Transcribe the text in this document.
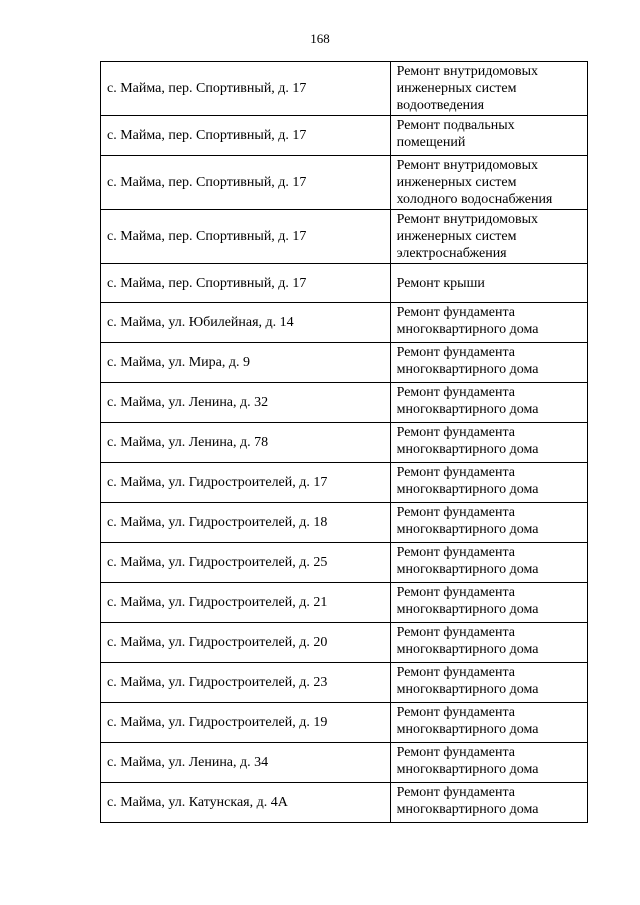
168
с. Майма, пер. Спортивный, д. 17	Ремонт внутридомовых
инженерных систем
водоотведения

с. Майма, пер. Спортивный, д. 17	Ремонт подвальных
помещений

с. Майма, пер. Спортивный, д. 17	Ремонт внутридомовых
инженерных систем
холодного водоснабжения

с. Майма, пер. Спортивный, д. 17	Ремонт внутридомовых
инженерных систем
электроснабжения

с. Майма, пер. Спортивный, д. 17	Ремонт крыши

с. Майма, ул. Юбилейная, д. 14	Ремонт фундамента
многоквартирного дома

с. Майма, ул. Мира, д. 9	Ремонт фундамента
многоквартирного дома

с. Майма, ул. Ленина, д. 32	Ремонт фундамента
многоквартирного дома

с. Майма, ул. Ленина, д. 78	Ремонт фундамента
многоквартирного дома

с. Майма, ул. Гидростроителей, д. 17	Ремонт фундамента
многоквартирного дома

с. Майма, ул. Гидростроителей, д. 18	Ремонт фундамента
многоквартирного дома

с. Майма, ул. Гидростроителей, д. 25	Ремонт фундамента
многоквартирного дома

с. Майма, ул. Гидростроителей, д. 21	Ремонт фундамента
многоквартирного дома

с. Майма, ул. Гидростроителей, д. 20	Ремонт фундамента
многоквартирного дома

с. Майма, ул. Гидростроителей, д. 23	Ремонт фундамента
многоквартирного дома

с. Майма, ул. Гидростроителей, д. 19	Ремонт фундамента
многоквартирного дома

с. Майма, ул. Ленина, д. 34	Ремонт фундамента
многоквартирного дома

с. Майма, ул. Катунская, д. 4А	Ремонт фундамента
многоквартирного дома
